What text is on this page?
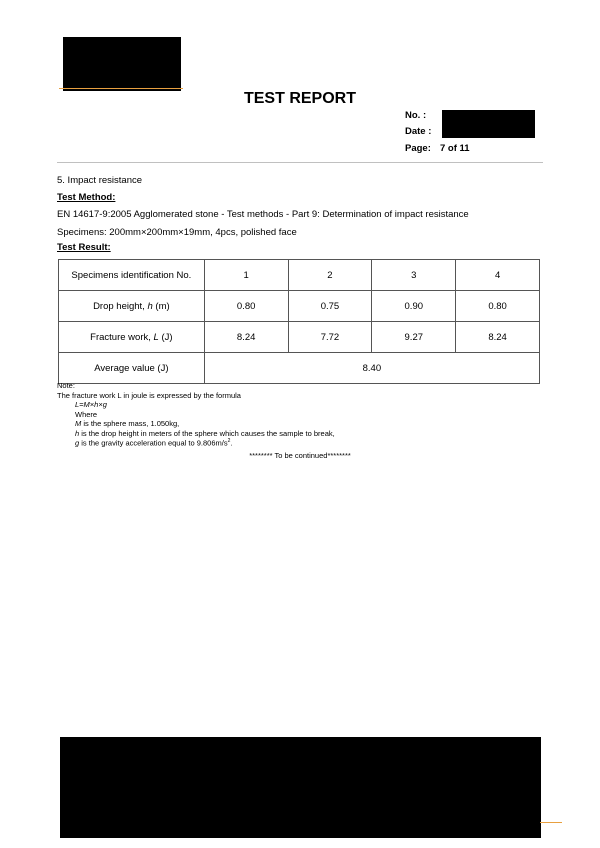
TEST REPORT
No. :
Date :
Page: 7 of 11
5. Impact resistance
Test Method:
EN 14617-9:2005 Agglomerated stone - Test methods - Part 9: Determination of impact resistance
Specimens: 200mm×200mm×19mm, 4pcs, polished face
Test Result:
Specimens identification No.	1	2	3	4
Drop height, h (m)	0.80	0.75	0.90	0.80
Fracture work, L (J)	8.24	7.72	9.27	8.24
Average value (J)	8.40			
Note:
The fracture work L in joule is expressed by the formula
L=M×h×g
Where
M is the sphere mass, 1.050kg,
h is the drop height in meters of the sphere which causes the sample to break,
g is the gravity acceleration equal to $9.806m/s^2$.
******** To be continued********
